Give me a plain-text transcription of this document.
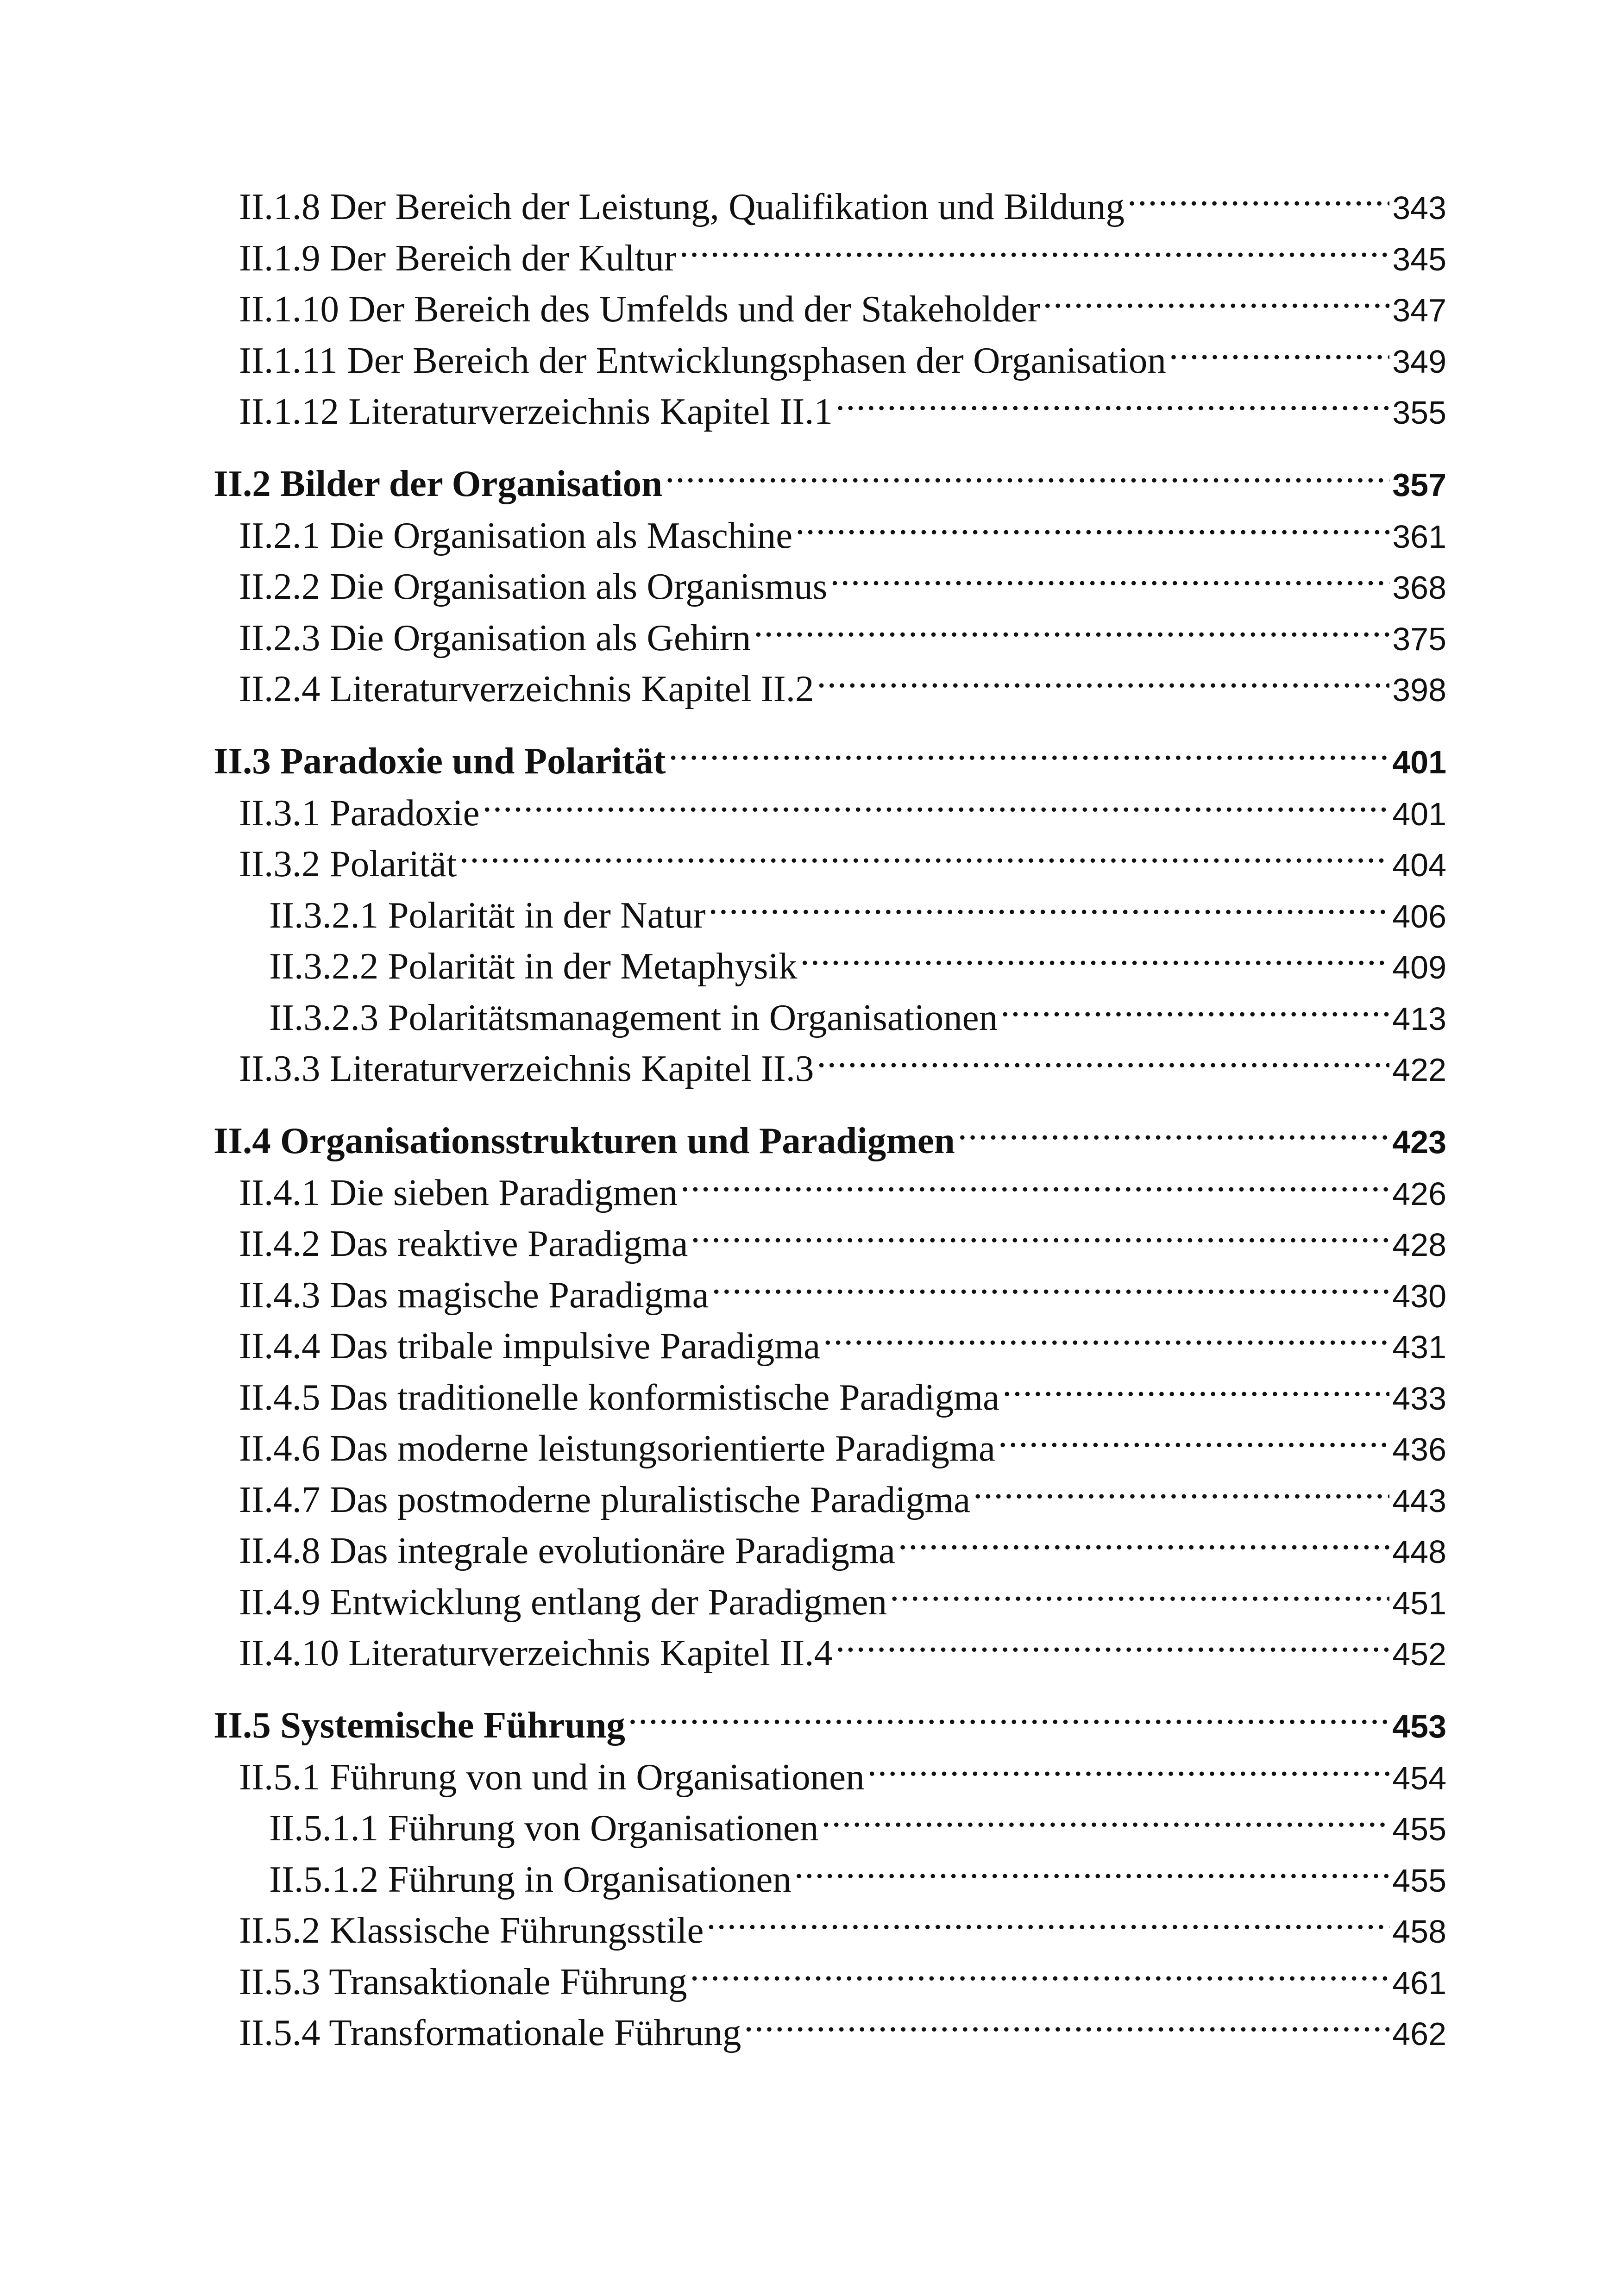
II.1.8 Der Bereich der Leistung, Qualifikation und Bildung .....	343
II.1.9 Der Bereich der Kultur .....	345
II.1.10 Der Bereich des Umfelds und der Stakeholder .....	347
II.1.11 Der Bereich der Entwicklungsphasen der Organisation .....	349
II.1.12 Literaturverzeichnis Kapitel II.1 .....	355
II.2 Bilder der Organisation .....	357
II.2.1 Die Organisation als Maschine .....	361
II.2.2 Die Organisation als Organismus .....	368
II.2.3 Die Organisation als Gehirn .....	375
II.2.4 Literaturverzeichnis Kapitel II.2 .....	398
II.3 Paradoxie und Polarität .....	401
II.3.1 Paradoxie .....	401
II.3.2 Polarität .....	404
II.3.2.1 Polarität in der Natur .....	406
II.3.2.2 Polarität in der Metaphysik .....	409
II.3.2.3 Polaritätsmanagement in Organisationen .....	413
II.3.3 Literaturverzeichnis Kapitel II.3 .....	422
II.4 Organisationsstrukturen und Paradigmen .....	423
II.4.1 Die sieben Paradigmen .....	426
II.4.2 Das reaktive Paradigma .....	428
II.4.3 Das magische Paradigma .....	430
II.4.4 Das tribale impulsive Paradigma .....	431
II.4.5 Das traditionelle konformistische Paradigma .....	433
II.4.6 Das moderne leistungsorientierte Paradigma .....	436
II.4.7 Das postmoderne pluralistische Paradigma .....	443
II.4.8 Das integrale evolutionäre Paradigma .....	448
II.4.9 Entwicklung entlang der Paradigmen .....	451
II.4.10 Literaturverzeichnis Kapitel II.4 .....	452
II.5 Systemische Führung .....	453
II.5.1 Führung von und in Organisationen .....	454
II.5.1.1 Führung von Organisationen .....	455
II.5.1.2 Führung in Organisationen .....	455
II.5.2 Klassische Führungsstile .....	458
II.5.3 Transaktionale Führung .....	461
II.5.4 Transformationale Führung .....	462
